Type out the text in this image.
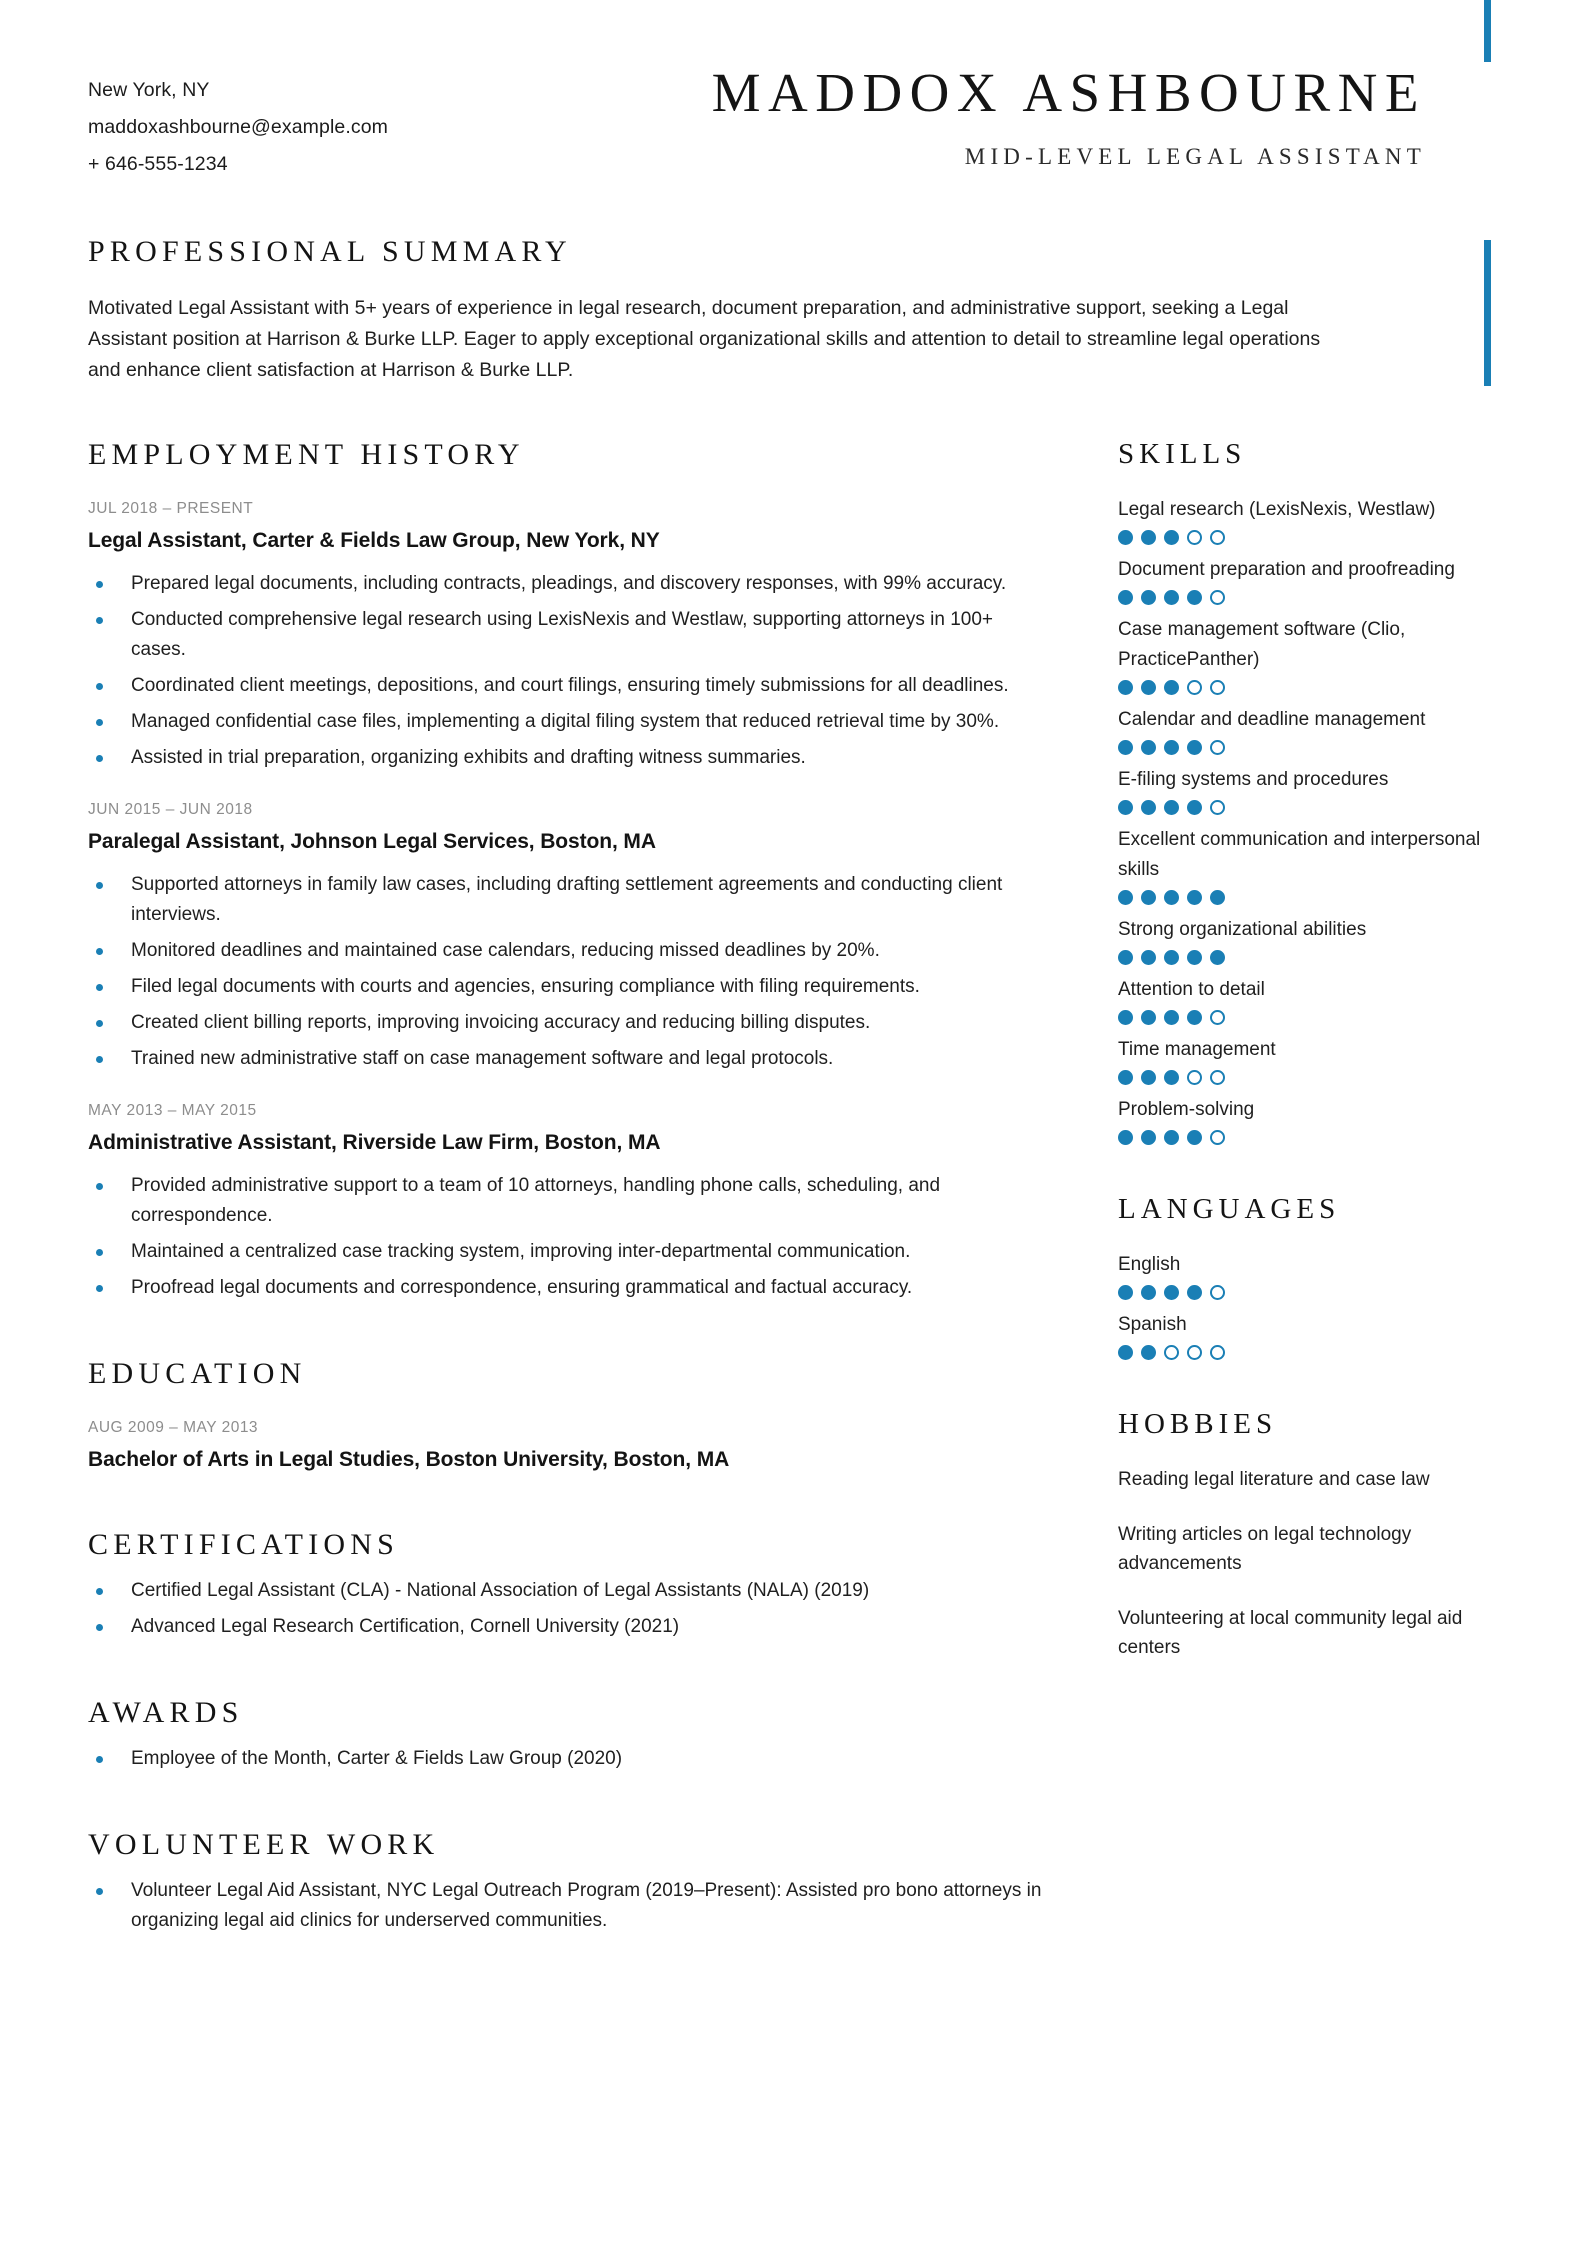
New York, NY
maddoxashbourne@example.com
+ 646-555-1234
MADDOX ASHBOURNE
MID-LEVEL LEGAL ASSISTANT
PROFESSIONAL SUMMARY
Motivated Legal Assistant with 5+ years of experience in legal research, document preparation, and administrative support, seeking a Legal Assistant position at Harrison & Burke LLP. Eager to apply exceptional organizational skills and attention to detail to streamline legal operations and enhance client satisfaction at Harrison & Burke LLP.
EMPLOYMENT HISTORY
JUL 2018 – PRESENT
Legal Assistant, Carter & Fields Law Group, New York, NY
Prepared legal documents, including contracts, pleadings, and discovery responses, with 99% accuracy.
Conducted comprehensive legal research using LexisNexis and Westlaw, supporting attorneys in 100+ cases.
Coordinated client meetings, depositions, and court filings, ensuring timely submissions for all deadlines.
Managed confidential case files, implementing a digital filing system that reduced retrieval time by 30%.
Assisted in trial preparation, organizing exhibits and drafting witness summaries.
JUN 2015 – JUN 2018
Paralegal Assistant, Johnson Legal Services, Boston, MA
Supported attorneys in family law cases, including drafting settlement agreements and conducting client interviews.
Monitored deadlines and maintained case calendars, reducing missed deadlines by 20%.
Filed legal documents with courts and agencies, ensuring compliance with filing requirements.
Created client billing reports, improving invoicing accuracy and reducing billing disputes.
Trained new administrative staff on case management software and legal protocols.
MAY 2013 – MAY 2015
Administrative Assistant, Riverside Law Firm, Boston, MA
Provided administrative support to a team of 10 attorneys, handling phone calls, scheduling, and correspondence.
Maintained a centralized case tracking system, improving inter-departmental communication.
Proofread legal documents and correspondence, ensuring grammatical and factual accuracy.
EDUCATION
AUG 2009 – MAY 2013
Bachelor of Arts in Legal Studies, Boston University, Boston, MA
CERTIFICATIONS
Certified Legal Assistant (CLA) - National Association of Legal Assistants (NALA) (2019)
Advanced Legal Research Certification, Cornell University (2021)
AWARDS
Employee of the Month, Carter & Fields Law Group (2020)
VOLUNTEER WORK
Volunteer Legal Aid Assistant, NYC Legal Outreach Program (2019–Present): Assisted pro bono attorneys in organizing legal aid clinics for underserved communities.
SKILLS
Legal research (LexisNexis, Westlaw)
Document preparation and proofreading
Case management software (Clio, PracticePanther)
Calendar and deadline management
E-filing systems and procedures
Excellent communication and interpersonal skills
Strong organizational abilities
Attention to detail
Time management
Problem-solving
LANGUAGES
English
Spanish
HOBBIES
Reading legal literature and case law
Writing articles on legal technology advancements
Volunteering at local community legal aid centers
